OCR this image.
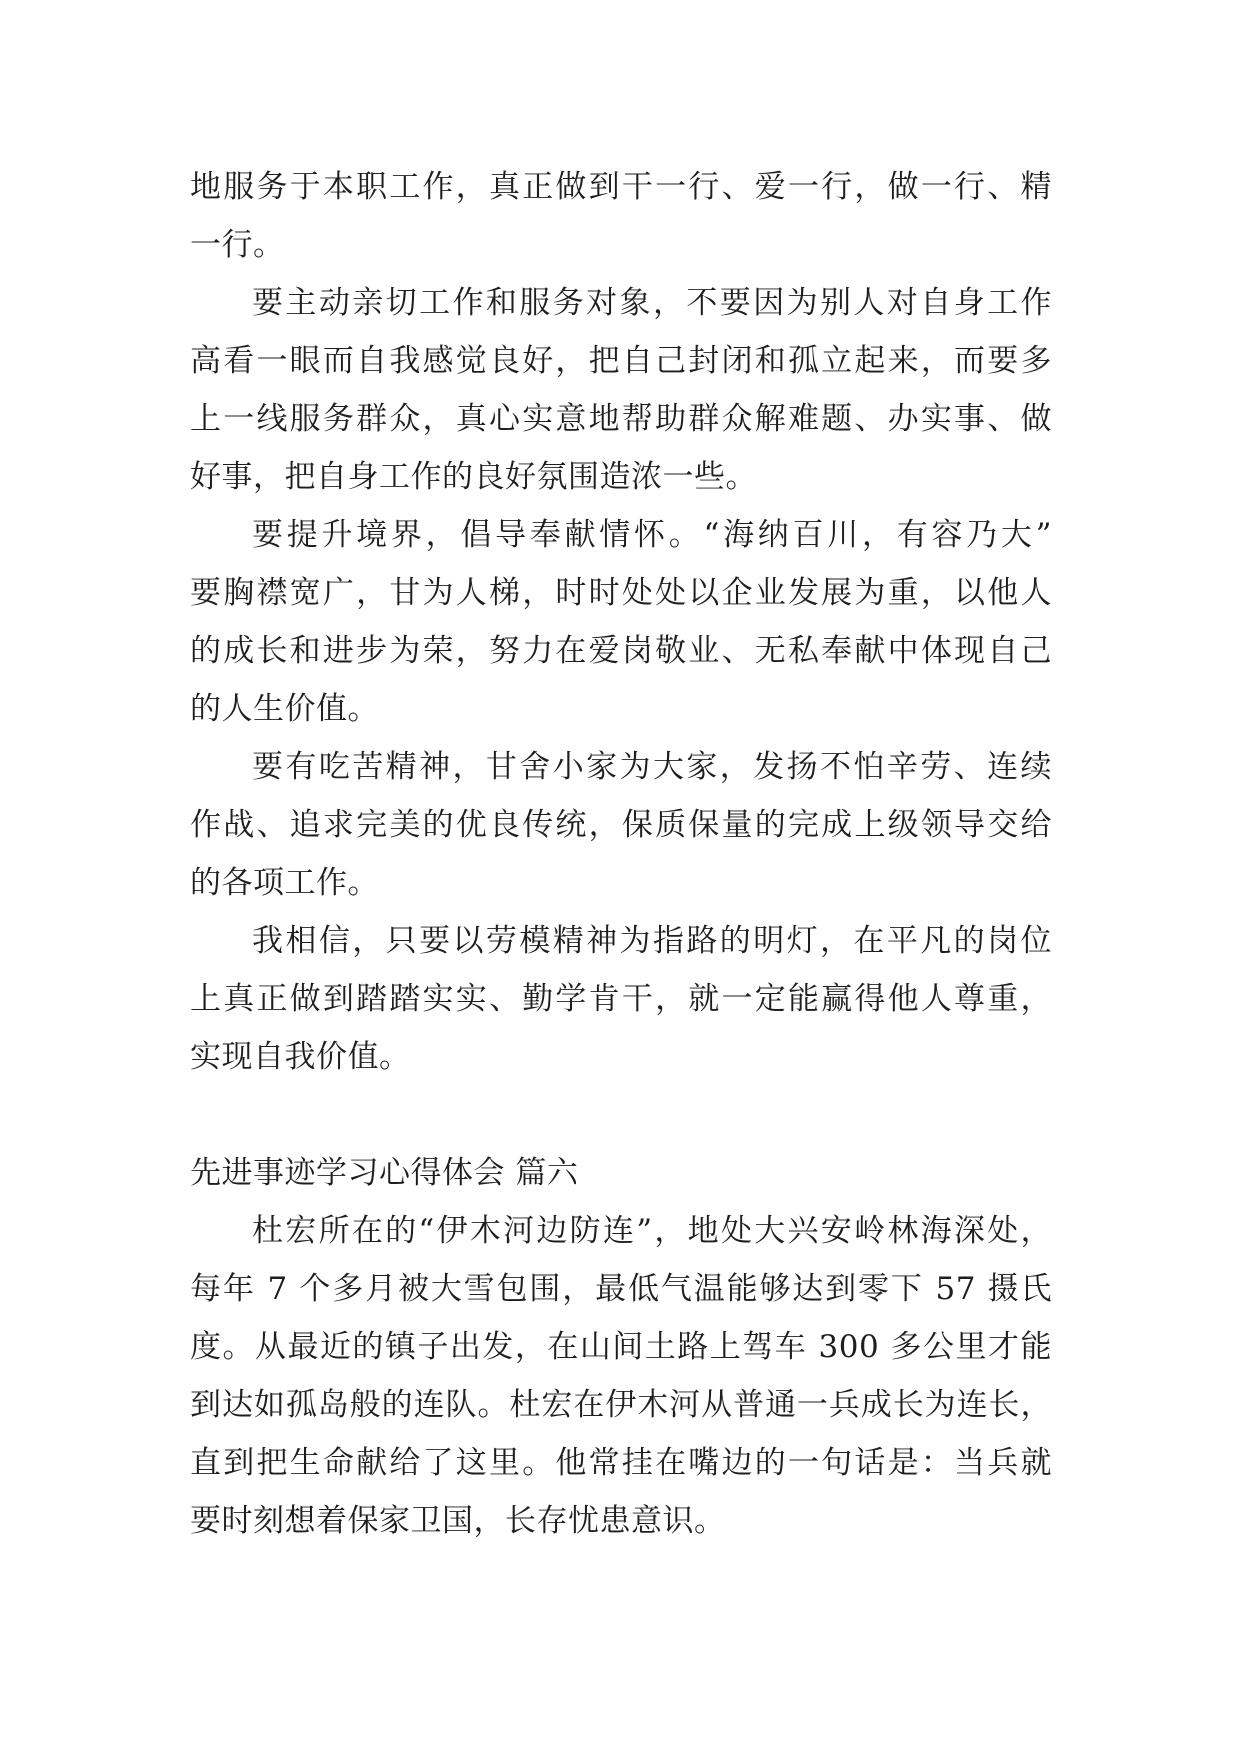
地服务于本职工作，真正做到干一行、爱一行，做一行、精
一行。
要主动亲切工作和服务对象，不要因为别人对自身工作
高看一眼而自我感觉良好，把自己封闭和孤立起来，而要多
上一线服务群众，真心实意地帮助群众解难题、办实事、做
好事，把自身工作的良好氛围造浓一些。
要提升境界，倡导奉献情怀。“海纳百川，有容乃大”
要胸襟宽广，甘为人梯，时时处处以企业发展为重，以他人
的成长和进步为荣，努力在爱岗敬业、无私奉献中体现自己
的人生价值。
要有吃苦精神，甘舍小家为大家，发扬不怕辛劳、连续
作战、追求完美的优良传统，保质保量的完成上级领导交给
的各项工作。
我相信，只要以劳模精神为指路的明灯，在平凡的岗位
上真正做到踏踏实实、勤学肯干，就一定能赢得他人尊重，
实现自我价值。
先进事迹学习心得体会 篇六
杜宏所在的“伊木河边防连”，地处大兴安岭林海深处，
每年 7 个多月被大雪包围，最低气温能够达到零下 57 摄氏
度。从最近的镇子出发，在山间土路上驾车 300 多公里才能
到达如孤岛般的连队。杜宏在伊木河从普通一兵成长为连长，
直到把生命献给了这里。他常挂在嘴边的一句话是：当兵就
要时刻想着保家卫国，长存忧患意识。
